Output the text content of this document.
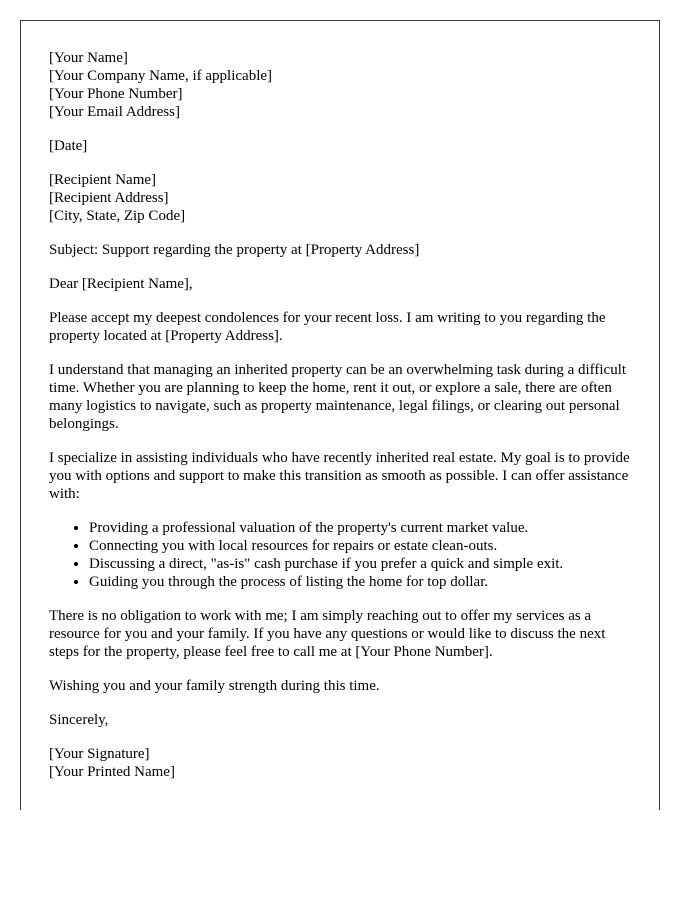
[Your Name]
[Your Company Name, if applicable]
[Your Phone Number]
[Your Email Address]
[Date]
[Recipient Name]
[Recipient Address]
[City, State, Zip Code]
Subject: Support regarding the property at [Property Address]
Dear [Recipient Name],

Please accept my deepest condolences for your recent loss. I am writing to you regarding the property located at [Property Address].

I understand that managing an inherited property can be an overwhelming task during a difficult time. Whether you are planning to keep the home, rent it out, or explore a sale, there are often many logistics to navigate, such as property maintenance, legal filings, or clearing out personal belongings.

I specialize in assisting individuals who have recently inherited real estate. My goal is to provide you with options and support to make this transition as smooth as possible. I can offer assistance with:

• Providing a professional valuation of the property's current market value.
• Connecting you with local resources for repairs or estate clean-outs.
• Discussing a direct, "as-is" cash purchase if you prefer a quick and simple exit.
• Guiding you through the process of listing the home for top dollar.

There is no obligation to work with me; I am simply reaching out to offer my services as a resource for you and your family. If you have any questions or would like to discuss the next steps for the property, please feel free to call me at [Your Phone Number].

Wishing you and your family strength during this time.

Sincerely,
[Your Signature]
[Your Printed Name]
